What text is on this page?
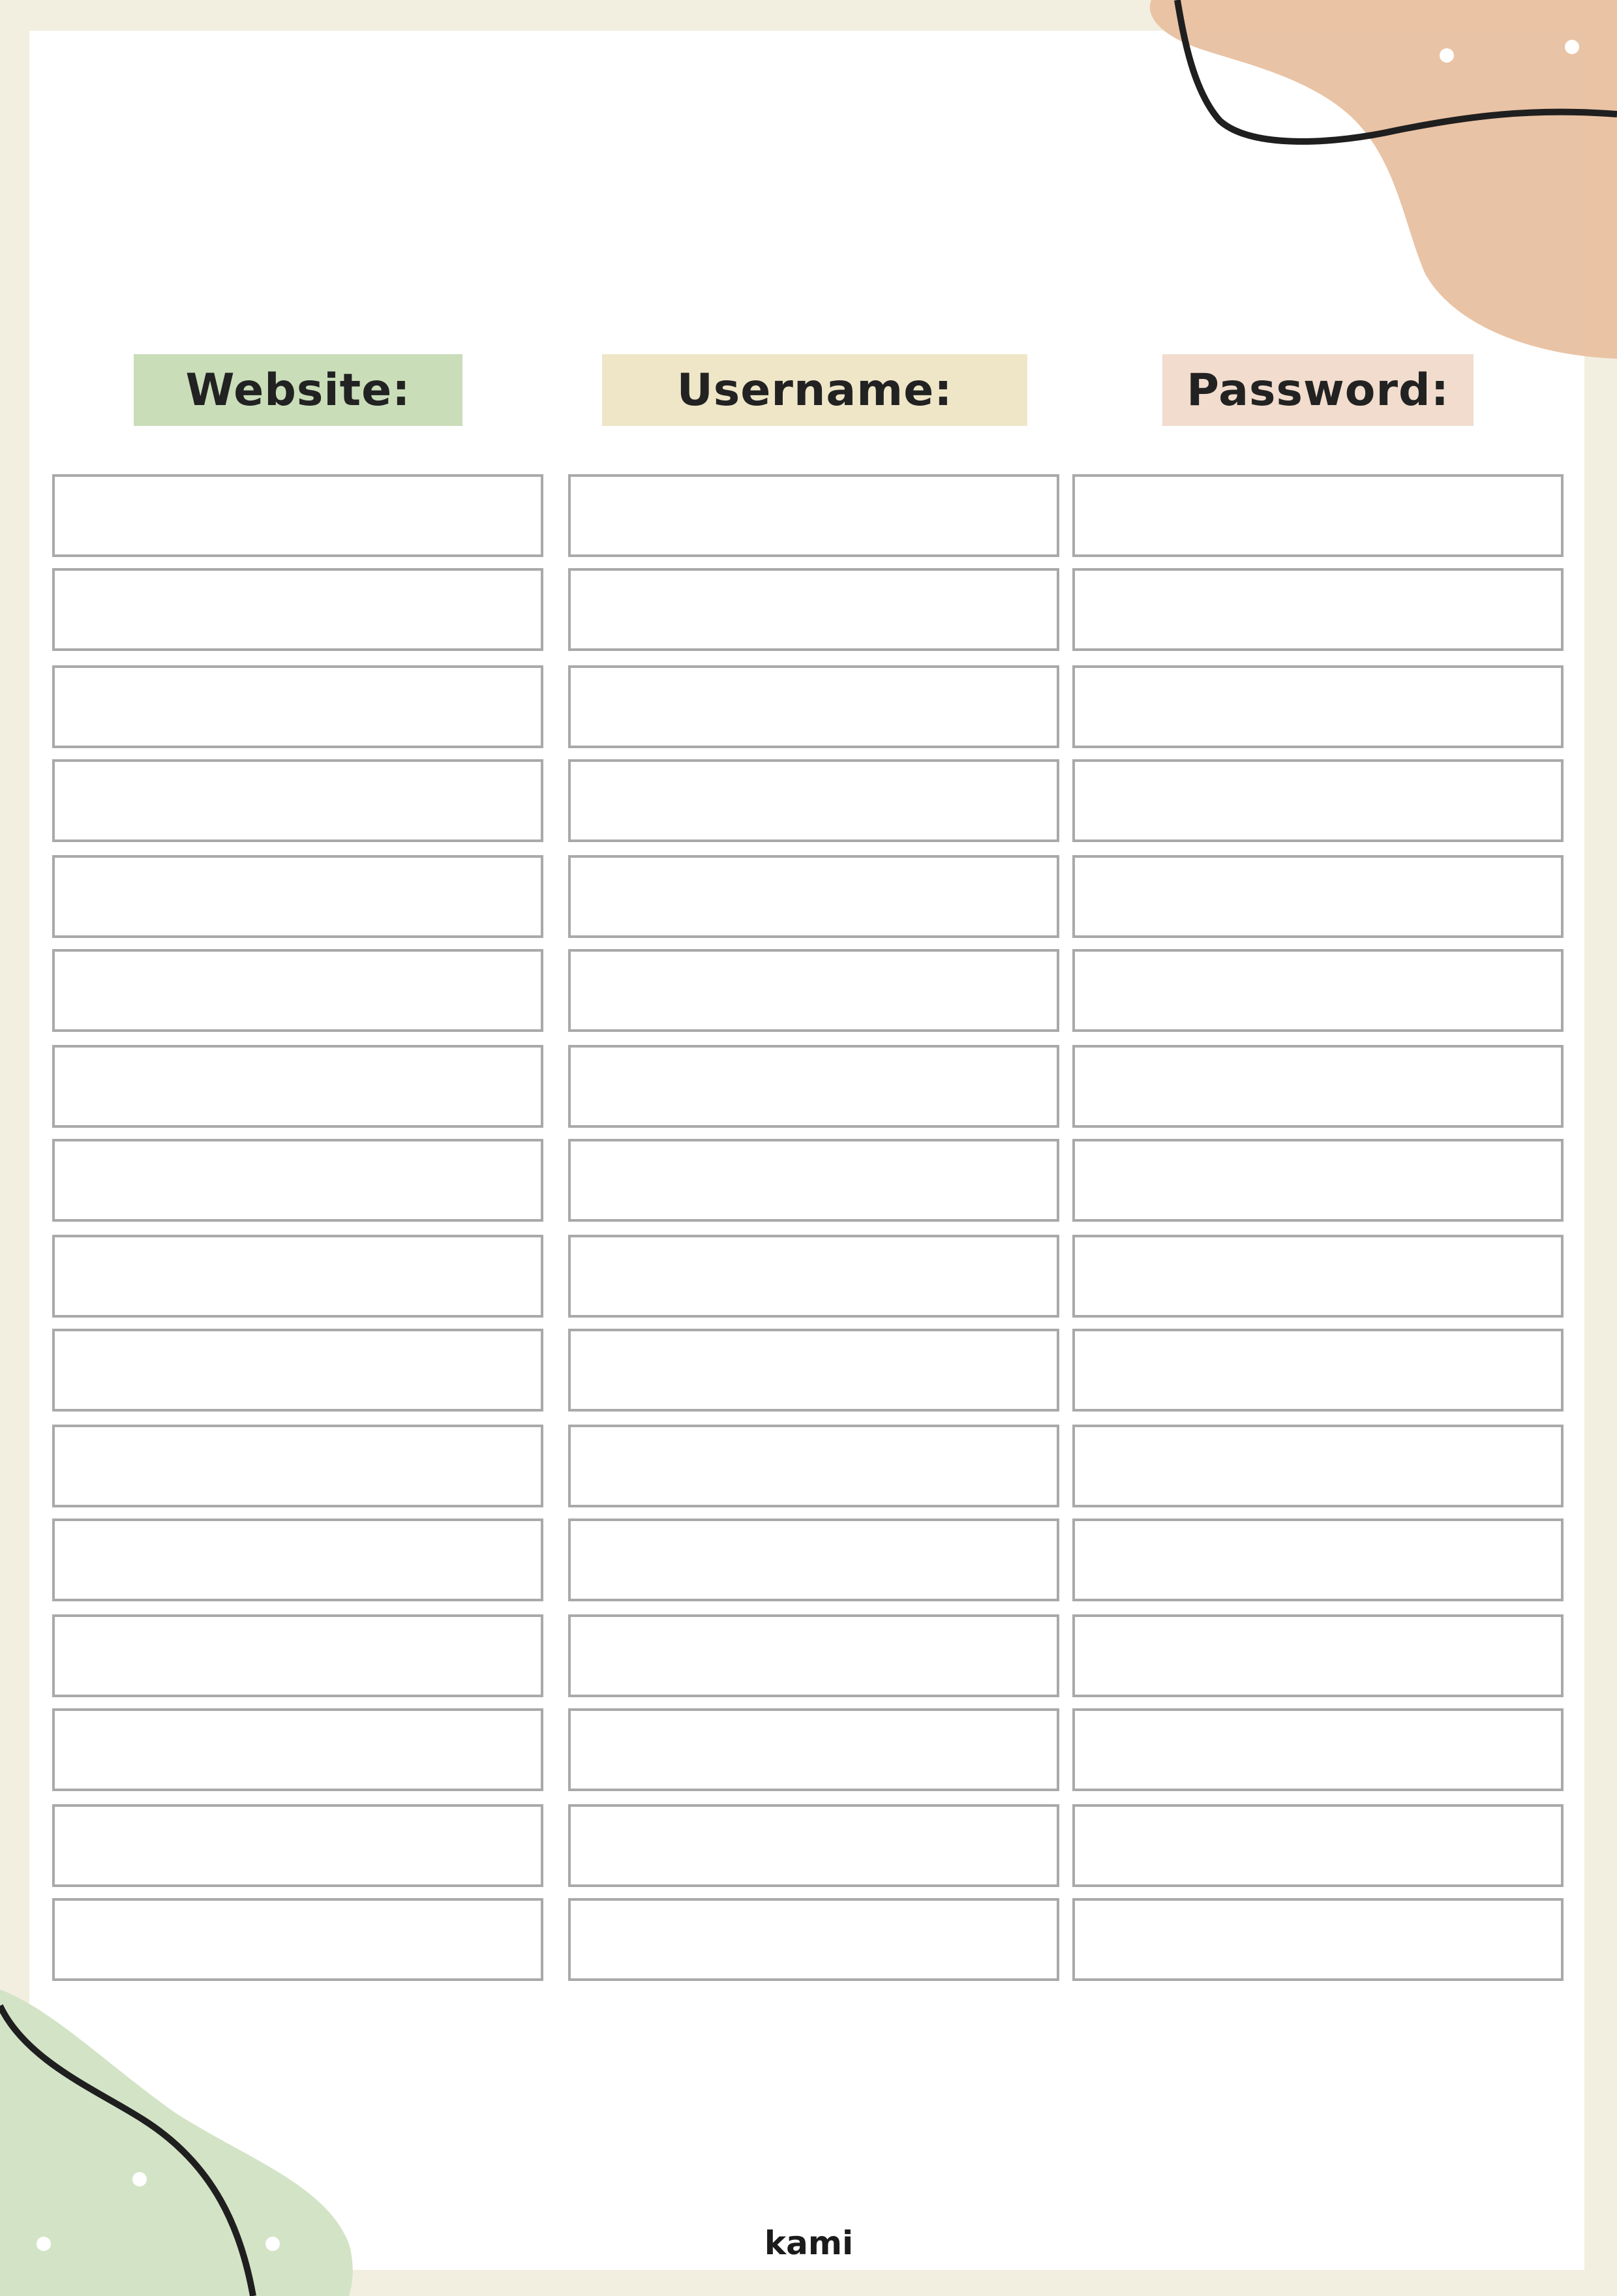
Website:	Username:	Password:
kami
